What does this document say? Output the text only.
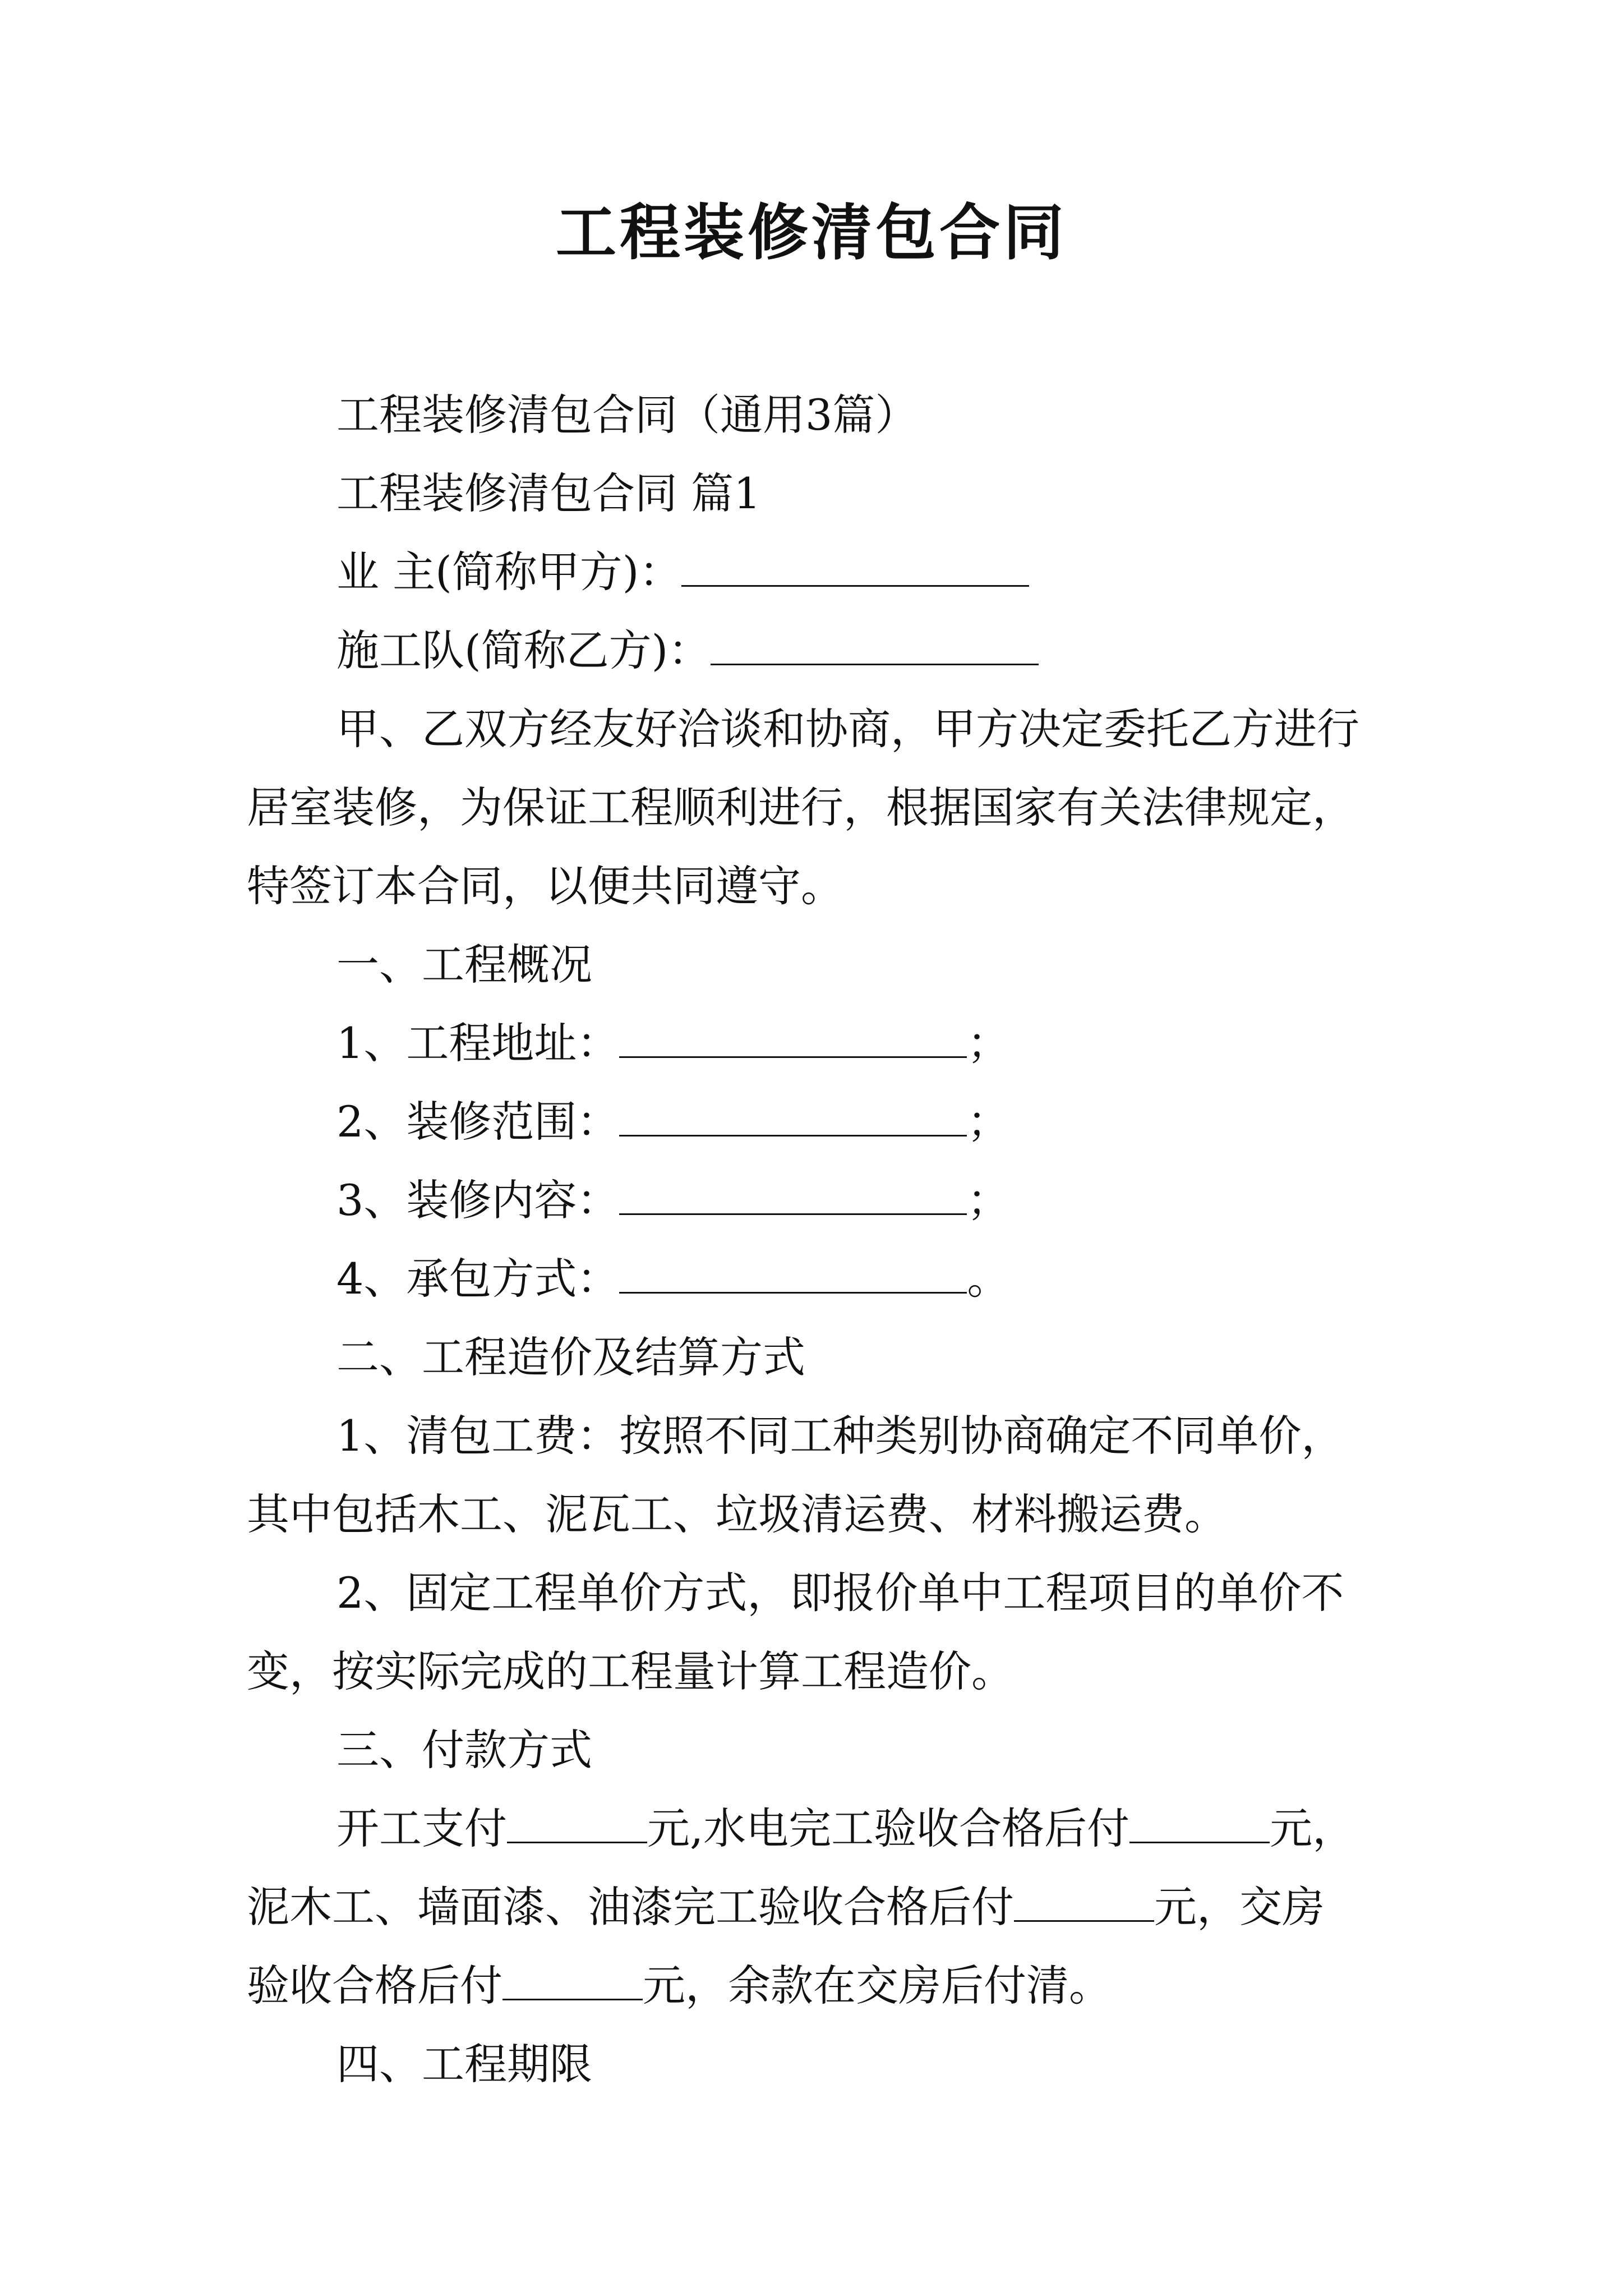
工程装修清包合同
工程装修清包合同（通用3篇）
工程装修清包合同 篇1
业 主(简称甲方)：
施工队(简称乙方)：
甲、乙双方经友好洽谈和协商，甲方决定委托乙方进行
居室装修，为保证工程顺利进行，根据国家有关法律规定，
特签订本合同，以便共同遵守。
一、工程概况
1、工程地址：	；
2、装修范围：	；
3、装修内容：	；
4、承包方式：	。
二、工程造价及结算方式
1、清包工费：按照不同工种类别协商确定不同单价，
其中包括木工、泥瓦工、垃圾清运费、材料搬运费。
2、固定工程单价方式，即报价单中工程项目的单价不
变，按实际完成的工程量计算工程造价。
三、付款方式
开工支付	元,水电完工验收合格后付	元，
泥木工、墙面漆、油漆完工验收合格后付	元，交房
验收合格后付	元，余款在交房后付清。
四、工程期限
